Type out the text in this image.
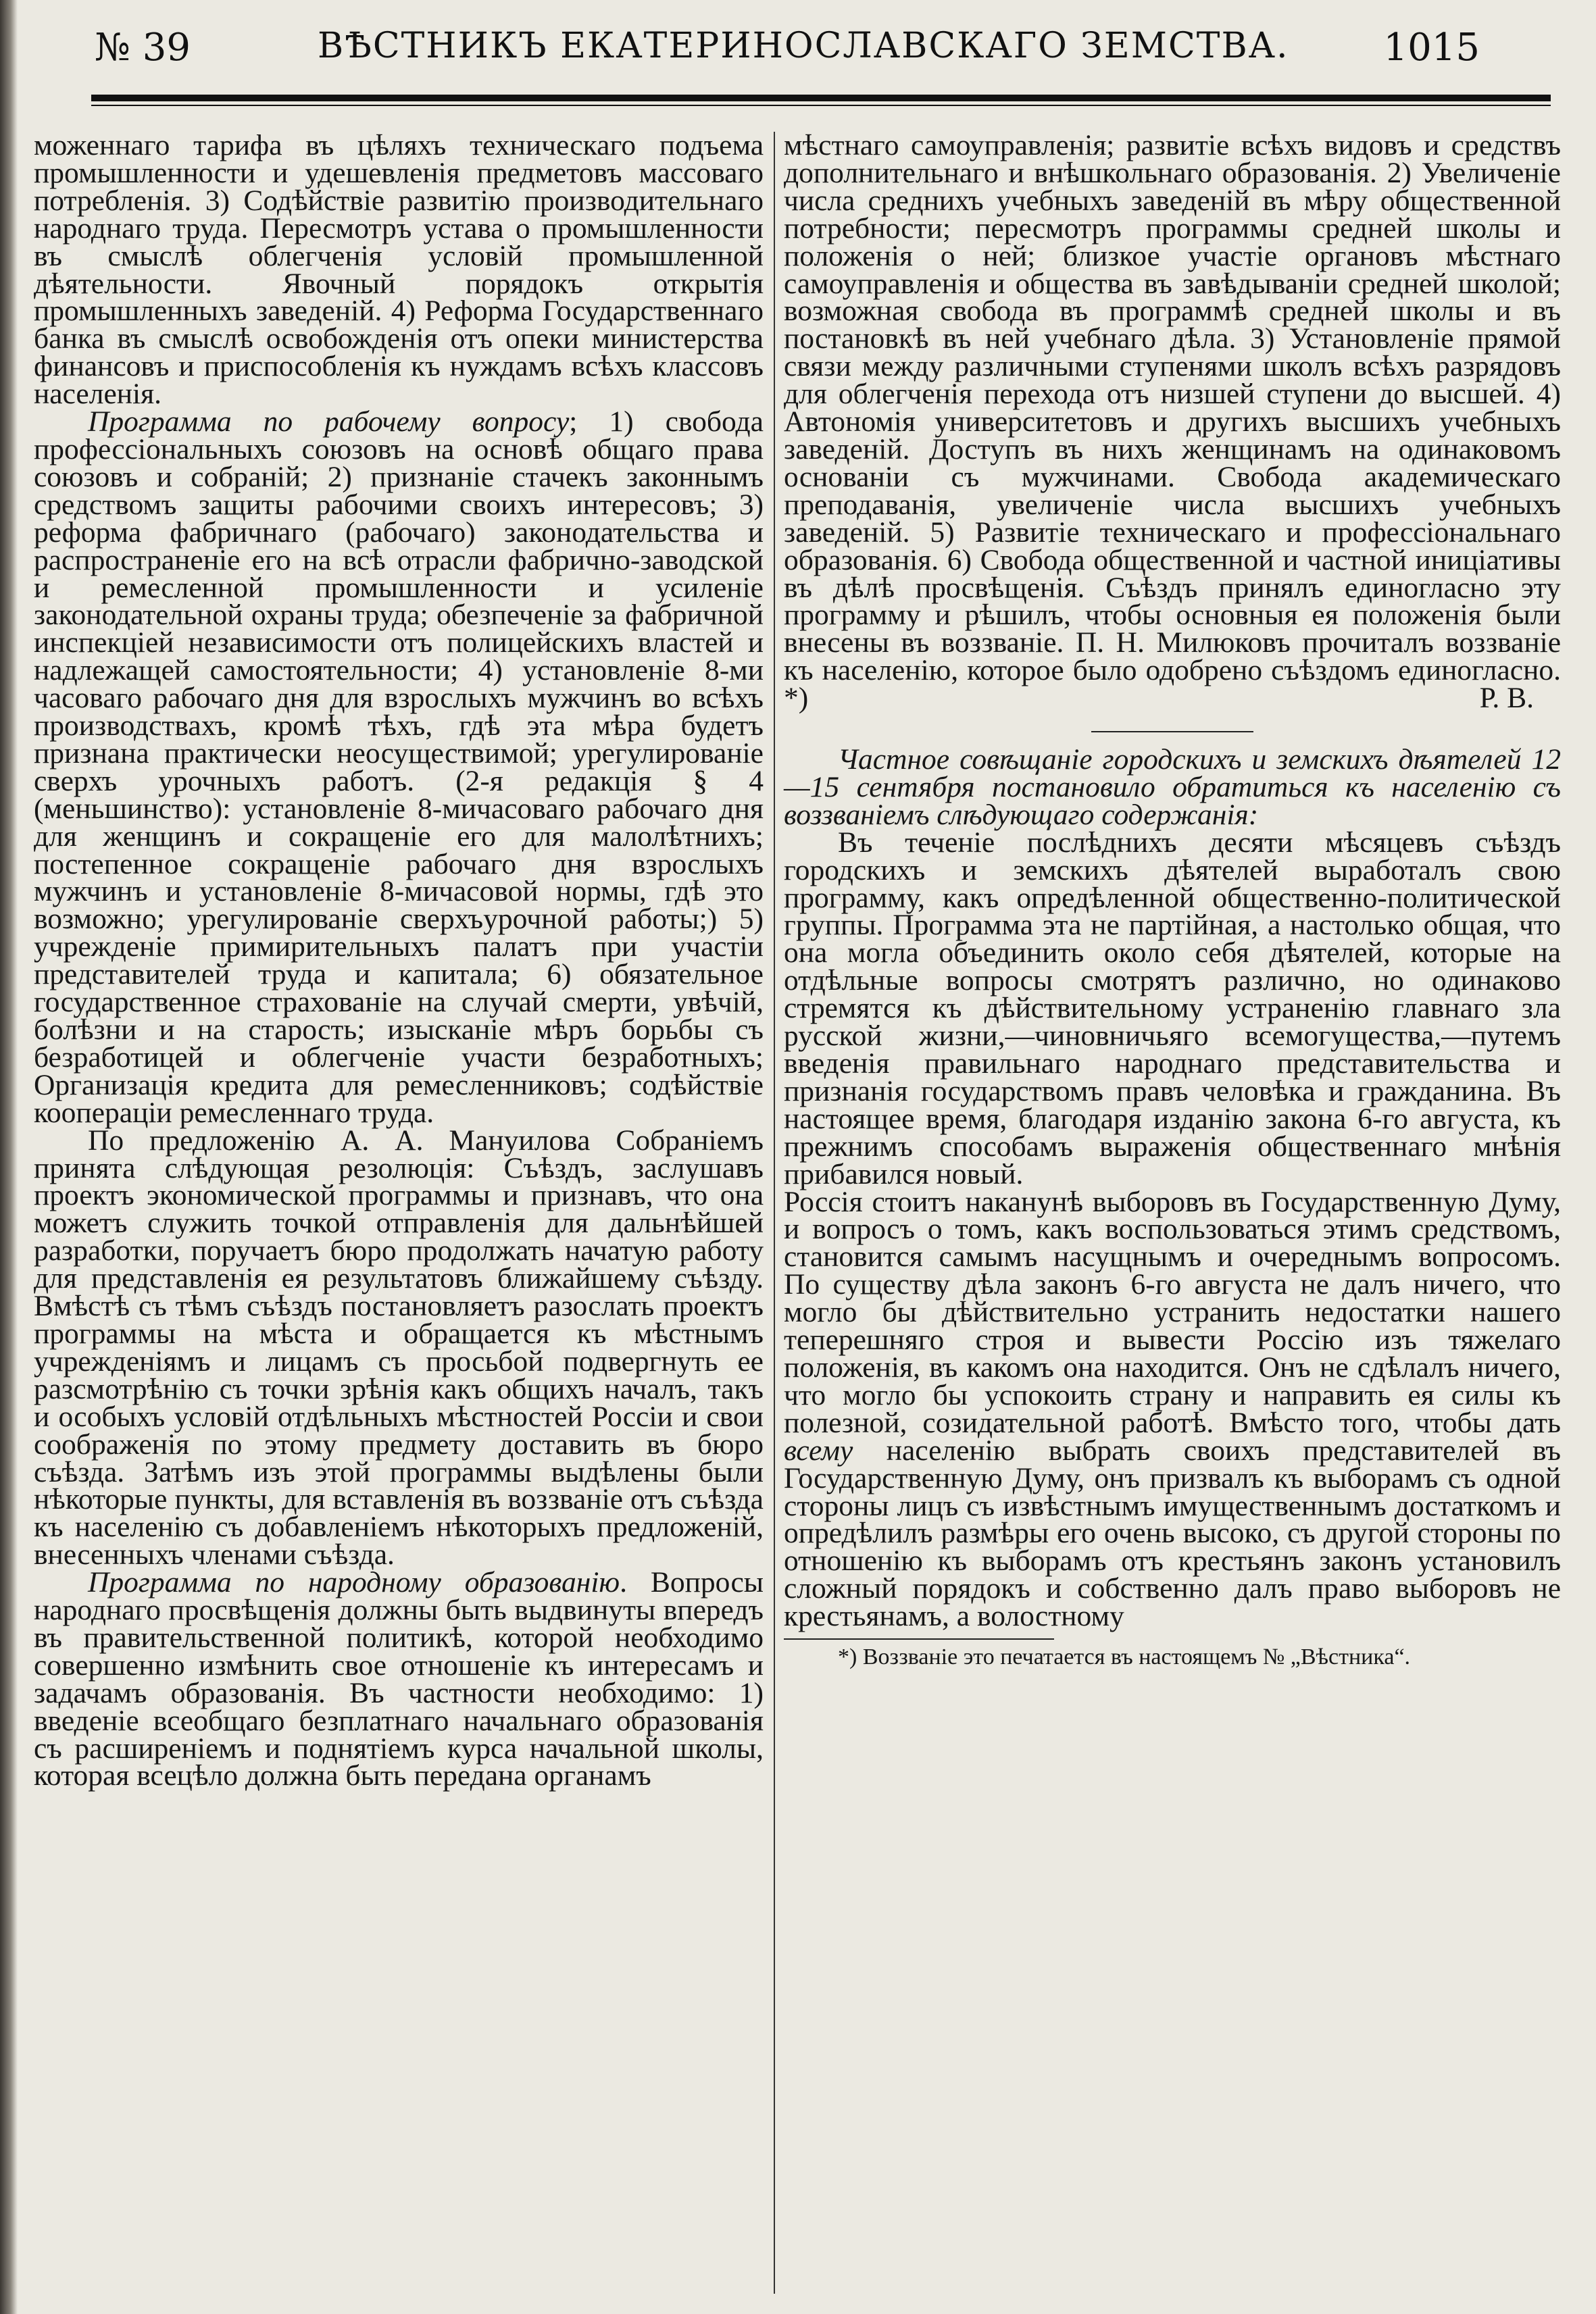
№ 39	ВѢСТНИКЪ ЕКАТЕРИНОСЛАВСКАГО ЗЕМСТВА. 1015

моженнаго тарифа въ цѣляхъ техническаго подъема промышленности и удешевленія предметовъ массоваго потребленія. 3) Содѣйствіе развитію производительнаго народнаго труда. Пересмотръ устава о промышленности въ смыслѣ облегченія условій промышленной дѣятельности. Явочный порядокъ открытія промышленныхъ заведеній. 4) Реформа Государственнаго банка въ смыслѣ освобожденія отъ опеки министерства финансовъ и приспособленія къ нуждамъ всѣхъ классовъ населенія.

Программа по рабочему вопросу; 1) свобода профессіональныхъ союзовъ на основѣ общаго права союзовъ и собраній; 2) признаніе стачекъ законнымъ средствомъ защиты рабочими своихъ интересовъ; 3) реформа фабричнаго (рабочаго) законодательства и распространеніе его на всѣ отрасли фабрично-заводской и ремесленной промышленности и усиленіе законодательной охраны труда; обезпеченіе за фабричной инспекціей независимости отъ полицейскихъ властей и надлежащей самостоятельности; 4) установленіе 8-ми часоваго рабочаго дня для взрослыхъ мужчинъ во всѣхъ производствахъ, кромѣ тѣхъ, гдѣ эта мѣра будетъ признана практически неосуществимой; урегулированіе сверхъ урочныхъ работъ. (2-я редакція § 4 (меньшинство): установленіе 8-мичасоваго рабочаго дня для женщинъ и сокращеніе его для малолѣтнихъ; постепенное сокращеніе рабочаго дня взрослыхъ мужчинъ и установленіе 8-мичасовой нормы, гдѣ это возможно; урегулированіе сверхъурочной работы;) 5) учрежденіе примирительныхъ палатъ при участіи представителей труда и капитала; 6) обязательное государственное страхованіе на случай смерти, увѣчій, болѣзни и на старость; изысканіе мѣръ борьбы съ безработицей и облегченіе участи безработныхъ; Организація кредита для ремесленниковъ; содѣйствіе коопераціи ремесленнаго труда.

По предложенію А. А. Мануилова Собраніемъ принята слѣдующая резолюція: Съѣздъ, заслушавъ проектъ экономической программы и признавъ, что она можетъ служить точкой отправленія для дальнѣйшей разработки, поручаетъ бюро продолжать начатую работу для представленія ея результатовъ ближайшему съѣзду. Вмѣстѣ съ тѣмъ съѣздъ постановляетъ разослать проектъ программы на мѣста и обращается къ мѣстнымъ учрежденіямъ и лицамъ съ просьбой подвергнуть ее разсмотрѣнію съ точки зрѣнія какъ общихъ началъ, такъ и особыхъ условій отдѣльныхъ мѣстностей Россіи и свои соображенія по этому предмету доставить въ бюро съѣзда. Затѣмъ изъ этой программы выдѣлены были нѣкоторые пункты, для вставленія въ воззваніе отъ съѣзда къ населенію съ добавленіемъ нѣкоторыхъ предложеній, внесенныхъ членами съѣзда.

Программа по народному образованію. Вопросы народнаго просвѣщенія должны быть выдвинуты впередъ въ правительственной политикѣ, которой необходимо совершенно измѣнить свое отношеніе къ интересамъ и задачамъ образованія. Въ частности необходимо: 1) введеніе всеобщаго безплатнаго начальнаго образованія съ расширеніемъ и поднятіемъ курса начальной школы, которая всецѣло должна быть передана органамъ

мѣстнаго самоуправленія; развитіе всѣхъ видовъ и средствъ дополнительнаго и внѣшкольнаго образованія. 2) Увеличеніе числа среднихъ учебныхъ заведеній въ мѣру общественной потребности; пересмотръ программы средней школы и положенія о ней; близкое участіе органовъ мѣстнаго самоуправленія и общества въ завѣдываніи средней школой; возможная свобода въ программѣ средней школы и въ постановкѣ въ ней учебнаго дѣла. 3) Установленіе прямой связи между различными ступенями школъ всѣхъ разрядовъ для облегченія перехода отъ низшей ступени до высшей. 4) Автономія университетовъ и другихъ высшихъ учебныхъ заведеній. Доступъ въ нихъ женщинамъ на одинаковомъ основаніи съ мужчинами. Свобода академическаго преподаванія, увеличеніе числа высшихъ учебныхъ заведеній. 5) Развитіе техническаго и профессіональнаго образованія. 6) Свобода общественной и частной иниціативы въ дѣлѣ просвѣщенія. Съѣздъ принялъ единогласно эту программу и рѣшилъ, чтобы основныя ея положенія были внесены въ воззваніе. П. Н. Милюковъ прочиталъ воззваніе къ населенію, которое было одобрено съѣздомъ единогласно. *)	Р. В.

Частное совѣщаніе городскихъ и земскихъ дѣятелей 12—15 сентября постановило обратиться къ населенію съ воззваніемъ слѣдующаго содержанія:

Въ теченіе послѣднихъ десяти мѣсяцевъ съѣздъ городскихъ и земскихъ дѣятелей выработалъ свою программу, какъ опредѣленной общественно-политической группы. Программа эта не партійная, а настолько общая, что она могла объединить около себя дѣятелей, которые на отдѣльные вопросы смотрятъ различно, но одинаково стремятся къ дѣйствительному устраненію главнаго зла русской жизни,—чиновничьяго всемогущества,—путемъ введенія правильнаго народнаго представительства и признанія государствомъ правъ человѣка и гражданина. Въ настоящее время, благодаря изданію закона 6-го августа, къ прежнимъ способамъ выраженія общественнаго мнѣнія прибавился новый.

Россія стоитъ наканунѣ выборовъ въ Государственную Думу, и вопросъ о томъ, какъ воспользоваться этимъ средствомъ, становится самымъ насущнымъ и очереднымъ вопросомъ. По существу дѣла законъ 6-го августа не далъ ничего, что могло бы дѣйствительно устранить недостатки нашего теперешняго строя и вывести Россію изъ тяжелаго положенія, въ какомъ она находится. Онъ не сдѣлалъ ничего, что могло бы успокоить страну и направить ея силы къ полезной, созидательной работѣ. Вмѣсто того, чтобы дать всему населенію выбрать своихъ представителей въ Государственную Думу, онъ призвалъ къ выборамъ съ одной стороны лицъ съ извѣстнымъ имущественнымъ достаткомъ и опредѣлилъ размѣры его очень высоко, съ другой стороны по отношенію къ выборамъ отъ крестьянъ законъ установилъ сложный порядокъ и собственно далъ право выборовъ не крестьянамъ, а волостному

*) Воззваніе это печатается въ настоящемъ № „Вѣстника“.
